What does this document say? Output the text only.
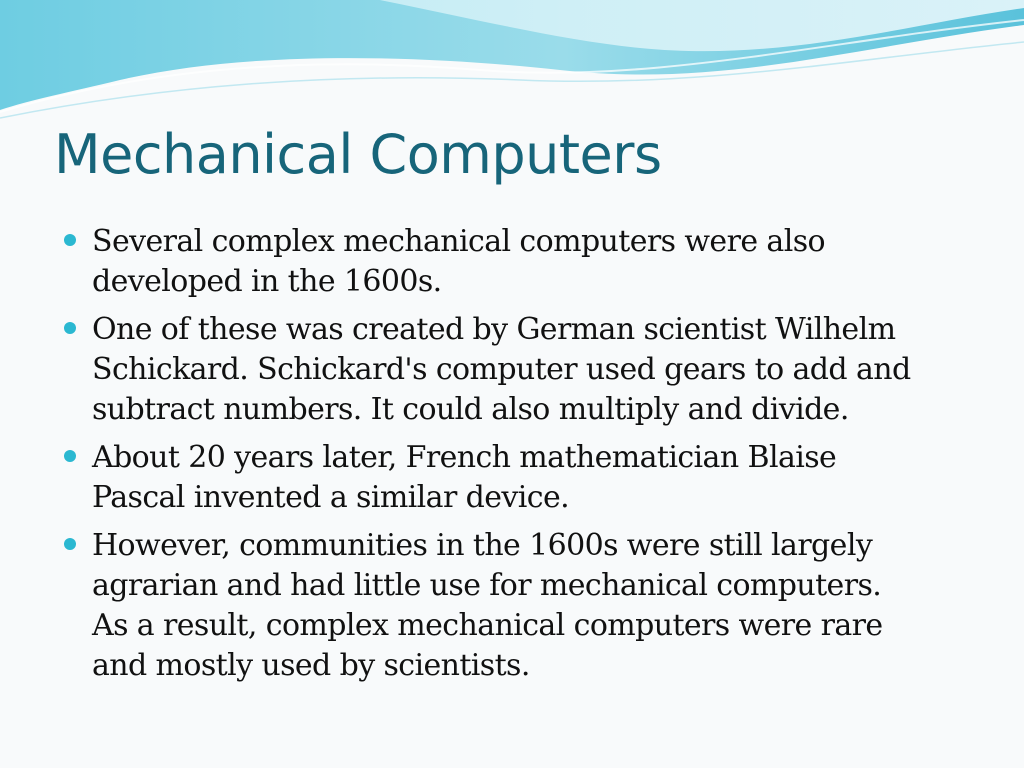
Mechanical Computers
Several complex mechanical computers were also
developed in the 1600s.
One of these was created by German scientist Wilhelm
Schickard. Schickard's computer used gears to add and
subtract numbers. It could also multiply and divide.
About 20 years later, French mathematician Blaise
Pascal invented a similar device.
However, communities in the 1600s were still largely
agrarian and had little use for mechanical computers.
As a result, complex mechanical computers were rare
and mostly used by scientists.
